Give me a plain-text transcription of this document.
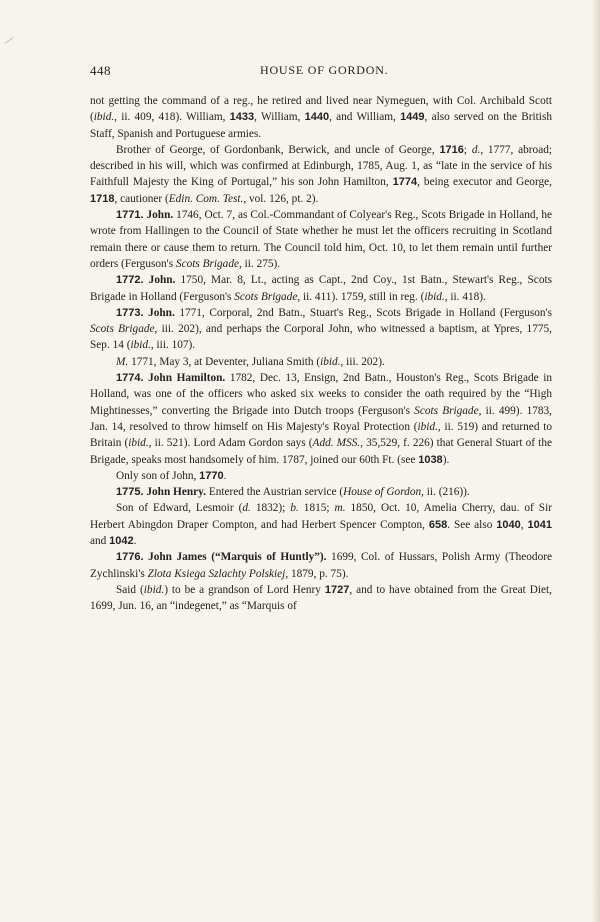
448	HOUSE OF GORDON.

not getting the command of a reg., he retired and lived near Nymeguen, with Col. Archibald Scott (ibid., ii. 409, 418). William, 1433, William, 1440, and William, 1449, also served on the British Staff, Spanish and Portuguese armies.

Brother of George, of Gordonbank, Berwick, and uncle of George, 1716; d., 1777, abroad; described in his will, which was confirmed at Edinburgh, 1785, Aug. 1, as “late in the service of his Faithfull Majesty the King of Portugal,” his son John Hamilton, 1774, being executor and George, 1718, cautioner (Edin. Com. Test., vol. 126, pt. 2).

1771. John. 1746, Oct. 7, as Col.-Commandant of Colyear's Reg., Scots Brigade in Holland, he wrote from Hallingen to the Council of State whether he must let the officers recruiting in Scotland remain there or cause them to return. The Council told him, Oct. 10, to let them remain until further orders (Ferguson's Scots Brigade, ii. 275).

1772. John. 1750, Mar. 8, Lt., acting as Capt., 2nd Coy., 1st Batn., Stewart's Reg., Scots Brigade in Holland (Ferguson's Scots Brigade, ii. 411). 1759, still in reg. (ibid., ii. 418).

1773. John. 1771, Corporal, 2nd Batn., Stuart's Reg., Scots Brigade in Holland (Ferguson's Scots Brigade, iii. 202), and perhaps the Corporal John, who witnessed a baptism, at Ypres, 1775, Sep. 14 (ibid., iii. 107).

M. 1771, May 3, at Deventer, Juliana Smith (ibid., iii. 202).

1774. John Hamilton. 1782, Dec. 13, Ensign, 2nd Batn., Houston's Reg., Scots Brigade in Holland, was one of the officers who asked six weeks to consider the oath required by the “High Mightinesses,” converting the Brigade into Dutch troops (Ferguson's Scots Brigade, ii. 499). 1783, Jan. 14, resolved to throw himself on His Majesty's Royal Protection (ibid., ii. 519) and returned to Britain (ibid., ii. 521). Lord Adam Gordon says (Add. MSS., 35,529, f. 226) that General Stuart of the Brigade, speaks most handsomely of him. 1787, joined our 60th Ft. (see 1038).

Only son of John, 1770.

1775. John Henry. Entered the Austrian service (House of Gordon, ii. (216)).

Son of Edward, Lesmoir (d. 1832); b. 1815; m. 1850, Oct. 10, Amelia Cherry, dau. of Sir Herbert Abingdon Draper Compton, and had Herbert Spencer Compton, 658. See also 1040, 1041 and 1042.

1776. John James (“Marquis of Huntly”). 1699, Col. of Hussars, Polish Army (Theodore Zychlinski's Zlota Ksiega Szlachty Polskiej, 1879, p. 75).

Said (ibid.) to be a grandson of Lord Henry 1727, and to have obtained from the Great Diet, 1699, Jun. 16, an “indegenet,” as “Marquis of
